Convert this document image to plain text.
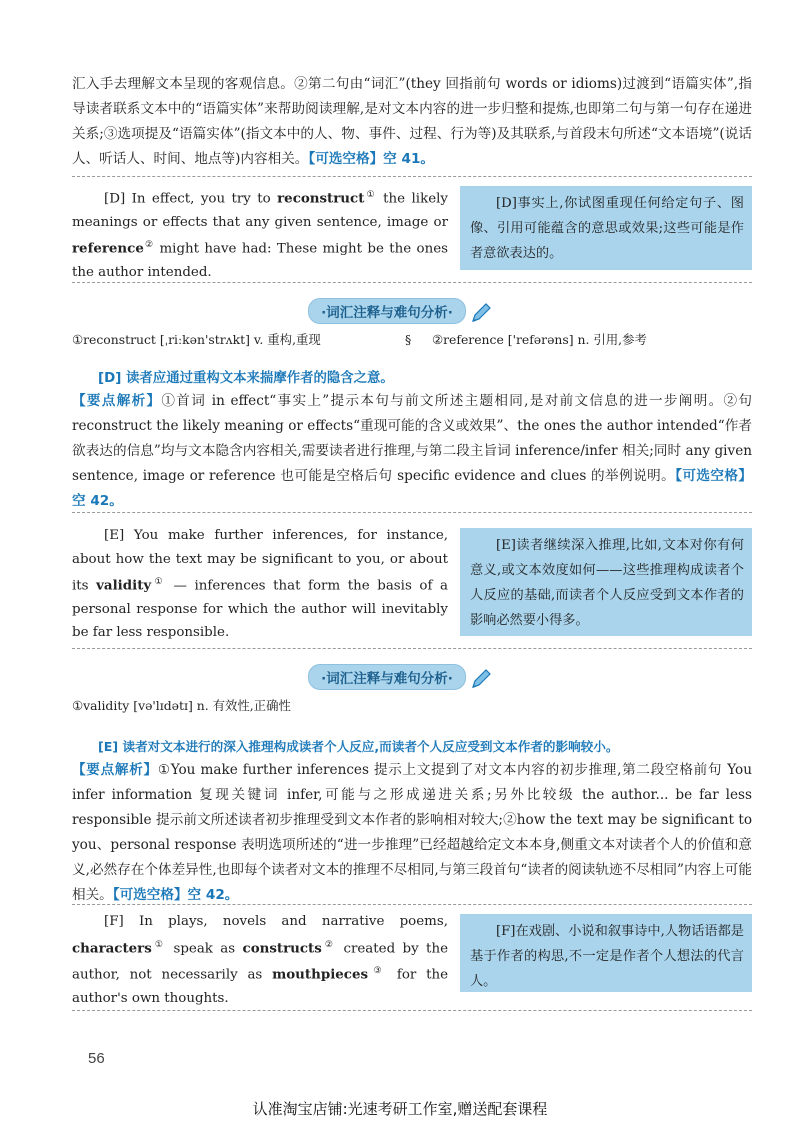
汇入手去理解文本呈现的客观信息。②第二句由“词汇”(they 回指前句 words or idioms)过渡到“语篇实体”,指导读者联系文本中的“语篇实体”来帮助阅读理解,是对文本内容的进一步归整和提炼,也即第二句与第一句存在递进关系;③选项提及“语篇实体”(指文本中的人、物、事件、过程、行为等)及其联系,与首段末句所述“文本语境”(说话人、听话人、时间、地点等)内容相关。【可选空格】空 41。

[D] In effect, you try to reconstruct① the likely meanings or effects that any given sentence, image or reference② might have had: These might be the ones the author intended.

[D]事实上,你试图重现任何给定句子、图像、引用可能蕴含的意思或效果;这些可能是作者意欲表达的。

·词汇注释与难句分析·
①reconstruct [ˌriːkən'strʌkt] v. 重构,重现	§ ②reference ['refərəns] n. 引用,参考
[D] 读者应通过重构文本来揣摩作者的隐含之意。
【要点解析】①首词 in effect“事实上”提示本句与前文所述主题相同,是对前文信息的进一步阐明。②句 reconstruct the likely meaning or effects“重现可能的含义或效果”、the ones the author intended“作者欲表达的信息”均与文本隐含内容相关,需要读者进行推理,与第二段主旨词 inference/infer 相关;同时 any given sentence, image or reference 也可能是空格后句 specific evidence and clues 的举例说明。【可选空格】空 42。

[E] You make further inferences, for instance, about how the text may be significant to you, or about its validity① — inferences that form the basis of a personal response for which the author will inevitably be far less responsible.

[E]读者继续深入推理,比如,文本对你有何意义,或文本效度如何——这些推理构成读者个人反应的基础,而读者个人反应受到文本作者的影响必然要小得多。

·词汇注释与难句分析·
①validity [və'lɪdətɪ] n. 有效性,正确性
[E] 读者对文本进行的深入推理构成读者个人反应,而读者个人反应受到文本作者的影响较小。
【要点解析】①You make further inferences 提示上文提到了对文本内容的初步推理,第二段空格前句 You infer information 复现关键词 infer,可能与之形成递进关系;另外比较级 the author... be far less responsible 提示前文所述读者初步推理受到文本作者的影响相对较大;②how the text may be significant to you、personal response 表明选项所述的“进一步推理”已经超越给定文本本身,侧重文本对读者个人的价值和意义,必然存在个体差异性,也即每个读者对文本的推理不尽相同,与第三段首句“读者的阅读轨迹不尽相同”内容上可能相关。【可选空格】空 42。

[F] In plays, novels and narrative poems, characters① speak as constructs② created by the author, not necessarily as mouthpieces③ for the author's own thoughts.

[F]在戏剧、小说和叙事诗中,人物话语都是基于作者的构思,不一定是作者个人想法的代言人。

56
认准淘宝店铺:光速考研工作室,赠送配套课程
